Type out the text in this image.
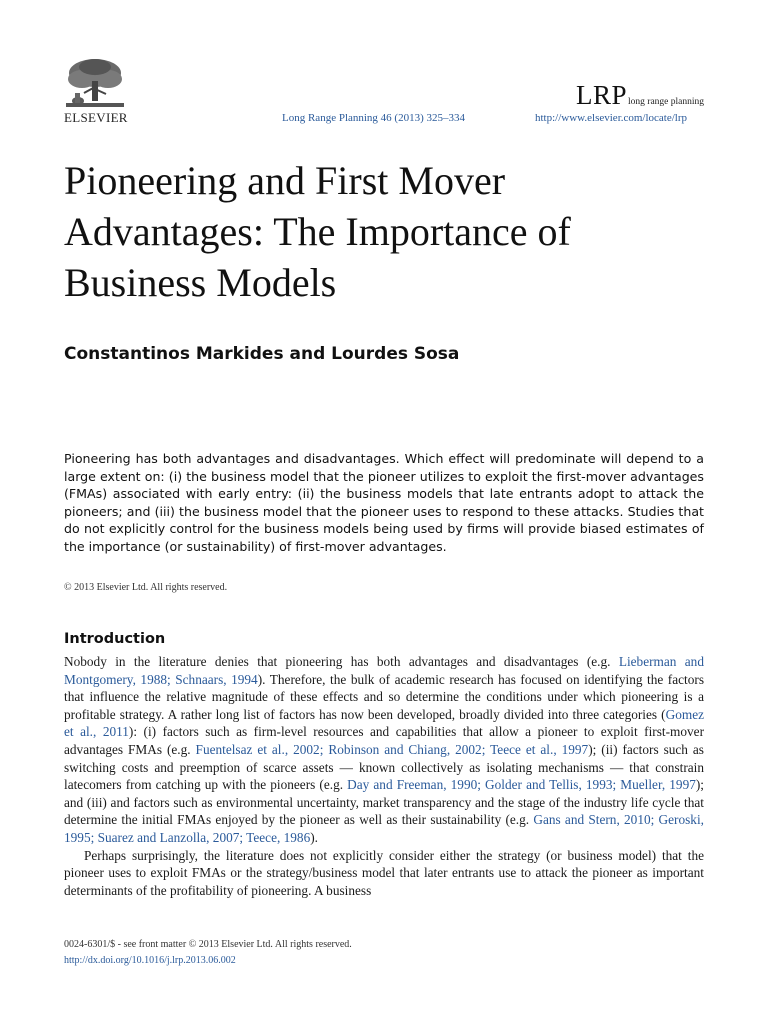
ELSEVIER	Long Range Planning 46 (2013) 325–334
LRPlong range planning
http://www.elsevier.com/locate/lrp
Pioneering and First Mover Advantages: The Importance of Business Models
Constantinos Markides and Lourdes Sosa
Pioneering has both advantages and disadvantages. Which effect will predominate will depend to a large extent on: (i) the business model that the pioneer utilizes to exploit the first-mover advantages (FMAs) associated with early entry: (ii) the business models that late entrants adopt to attack the pioneers; and (iii) the business model that the pioneer uses to respond to these attacks. Studies that do not explicitly control for the business models being used by firms will provide biased estimates of the importance (or sustainability) of first-mover advantages.
© 2013 Elsevier Ltd. All rights reserved.
Introduction

Nobody in the literature denies that pioneering has both advantages and disadvantages (e.g. Lieberman and Montgomery, 1988; Schnaars, 1994). Therefore, the bulk of academic research has focused on identifying the factors that influence the relative magnitude of these effects and so determine the conditions under which pioneering is a profitable strategy. A rather long list of factors has now been developed, broadly divided into three categories (Gomez et al., 2011): (i) factors such as firm-level resources and capabilities that allow a pioneer to exploit first-mover advantages FMAs (e.g. Fuentelsaz et al., 2002; Robinson and Chiang, 2002; Teece et al., 1997); (ii) factors such as switching costs and preemption of scarce assets — known collectively as isolating mechanisms — that constrain latecomers from catching up with the pioneers (e.g. Day and Freeman, 1990; Golder and Tellis, 1993; Mueller, 1997); and (iii) and factors such as environmental uncertainty, market transparency and the stage of the industry life cycle that determine the initial FMAs enjoyed by the pioneer as well as their sustainability (e.g. Gans and Stern, 2010; Geroski, 1995; Suarez and Lanzolla, 2007; Teece, 1986).

Perhaps surprisingly, the literature does not explicitly consider either the strategy (or business model) that the pioneer uses to exploit FMAs or the strategy/business model that later entrants use to attack the pioneer as important determinants of the profitability of pioneering. A business

0024-6301/$ - see front matter © 2013 Elsevier Ltd. All rights reserved.
http://dx.doi.org/10.1016/j.lrp.2013.06.002
